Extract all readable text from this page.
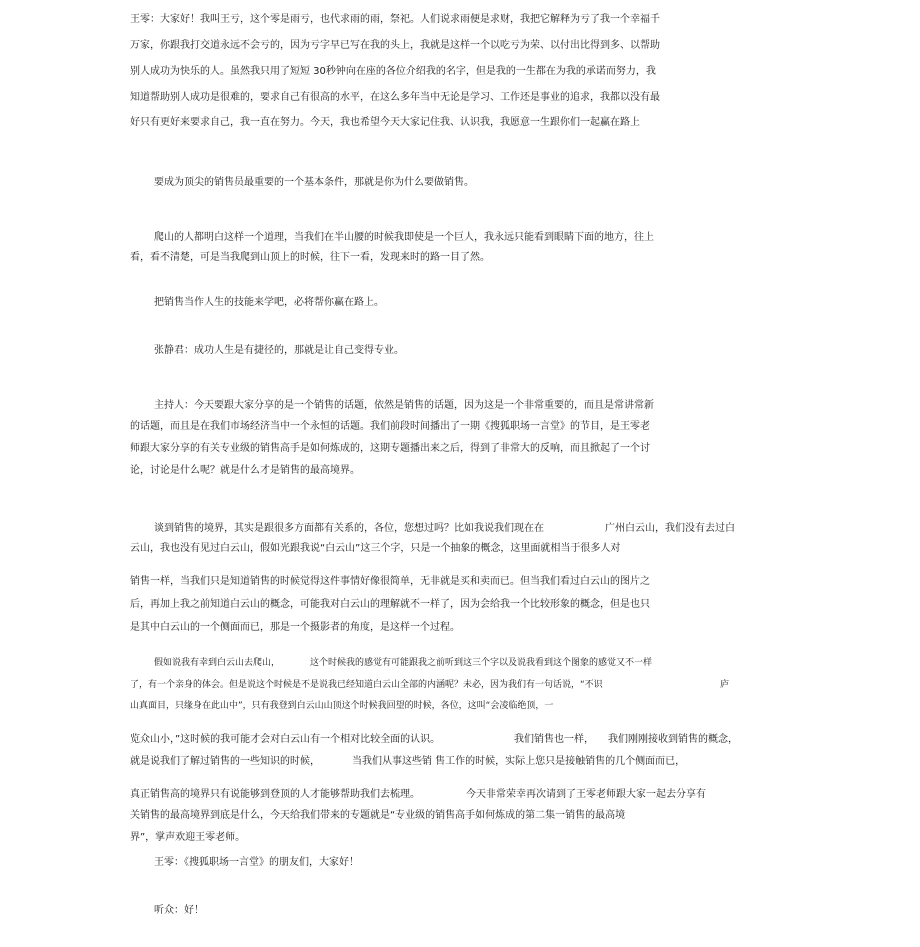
王零：大家好！我叫王亏，这个零是雨亏，也代求雨的雨，祭祀。人们说求雨便是求财，我把它解释为亏了我一个幸福千
万家，你跟我打交道永远不会亏的，因为亏字早已写在我的头上，我就是这样一个以吃亏为荣、以付出比得到多、以帮助
别人成功为快乐的人。虽然我只用了短短 30秒钟向在座的各位介绍我的名字，但是我的一生都在为我的承诺而努力，我
知道帮助别人成功是很难的，要求自己有很高的水平，在这么多年当中无论是学习、工作还是事业的追求，我都以没有最
好只有更好来要求自己，我一直在努力。今天，我也希望今天大家记住我、认识我，我愿意一生跟你们一起赢在路上
要成为顶尖的销售员最重要的一个基本条件，那就是你为什么要做销售。
爬山的人都明白这样一个道理，当我们在半山腰的时候我即使是一个巨人，我永远只能看到眼睛下面的地方，往上
看，看不清楚，可是当我爬到山顶上的时候，往下一看，发现来时的路一目了然。
把销售当作人生的技能来学吧，必将帮你赢在路上。
张静君：成功人生是有捷径的，那就是让自己变得专业。
主持人：今天要跟大家分享的是一个销售的话题，依然是销售的话题，因为这是一个非常重要的，而且是常讲常新
的话题，而且是在我们市场经济当中一个永恒的话题。我们前段时间播出了一期《搜狐职场一言堂》的节目，是王零老
师跟大家分享的有关专业级的销售高手是如何炼成的，这期专题播出来之后，得到了非常大的反响，而且掀起了一个讨
论，讨论是什么呢？就是什么才是销售的最高境界。
谈到销售的境界，其实是跟很多方面都有关系的，各位，您想过吗？比如我说我们现在在	广州白云山，我们没有去过白
云山，我也没有见过白云山，假如光跟我说“白云山”这三个字，只是一个抽象的概念，这里面就相当于很多人对
销售一样，当我们只是知道销售的时候觉得这件事情好像很简单，无非就是买和卖而已。但当我们看过白云山的图片之
后，再加上我之前知道白云山的概念，可能我对白云山的理解就不一样了，因为会给我一个比较形象的概念，但是也只
是其中白云山的一个侧面而已，那是一个摄影者的角度，是这样一个过程。
假如说我有幸到白云山去爬山，	这个时候我的感觉有可能跟我之前听到这三个字以及说我看到这个图象的感觉又不一样
了，有一个亲身的体会。但是说这个时候是不是说我已经知道白云山全部的内涵呢？未必，因为我们有一句话说，“不识	庐
山真面目，只缘身在此山中”，只有我登到白云山山顶这个时候我回望的时候，各位，这叫“会凌临绝顶，一
览众山小，”这时候的我可能才会对白云山有一个相对比较全面的认识。	我们销售也一样， 我们刚刚接收到销售的概念，
就是说我们了解过销售的一些知识的时候，	当我们从事这些销 售工作的时候，实际上您只是接触销售的几个侧面而已，
真正销售高的境界只有说能够到登顶的人才能够帮助我们去梳理。	今天非常荣幸再次请到了王零老师跟大家一起去分享有
关销售的最高境界到底是什么，今天给我们带来的专题就是“专业级的销售高手如何炼成的第二集一销售的最高境
界”，掌声欢迎王零老师。
王零：《搜狐职场一言堂》的朋友们，大家好！
听众：好！
